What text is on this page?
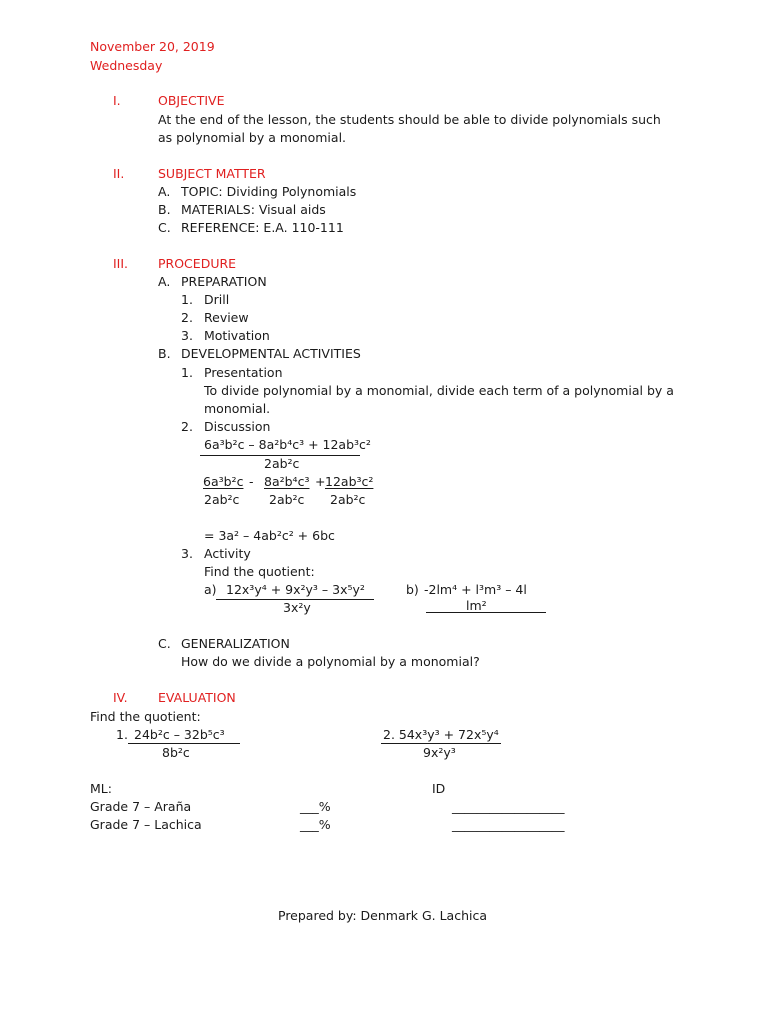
November 20, 2019
Wednesday
I.	OBJECTIVE
At the end of the lesson, the students should be able to divide polynomials such
as polynomial by a monomial.
II.	SUBJECT MATTER
A. TOPIC: Dividing Polynomials
B. MATERIALS: Visual aids
C. REFERENCE: E.A. 110-111
III. PROCEDURE
A. PREPARATION
1. Drill
2. Review
3. Motivation
B. DEVELOPMENTAL ACTIVITIES
1. Presentation
To divide polynomial by a monomial, divide each term of a polynomial by a
monomial.
2. Discussion
6a³b²c – 8a²b⁴c³ + 12ab³c²
2ab²c
6a³b²c - 8a²b⁴c³ + 12ab³c²
2ab²c 2ab²c 2ab²c
= 3a² – 4ab²c² + 6bc
3. Activity
Find the quotient:
a) 12x³y⁴ + 9x²y³ – 3x⁵y²
3x²y
b) -2lm⁴ + l³m³ – 4l
lm²
C. GENERALIZATION
How do we divide a polynomial by a monomial?
IV. EVALUATION
Find the quotient:
1. 24b²c – 32b⁵c³
8b²c
2. 54x³y³ + 72x⁵y⁴
9x²y³
ML:	ID
Grade 7 – Araña	___%	__________________
Grade 7 – Lachica	___%	__________________
Prepared by: Denmark G. Lachica
